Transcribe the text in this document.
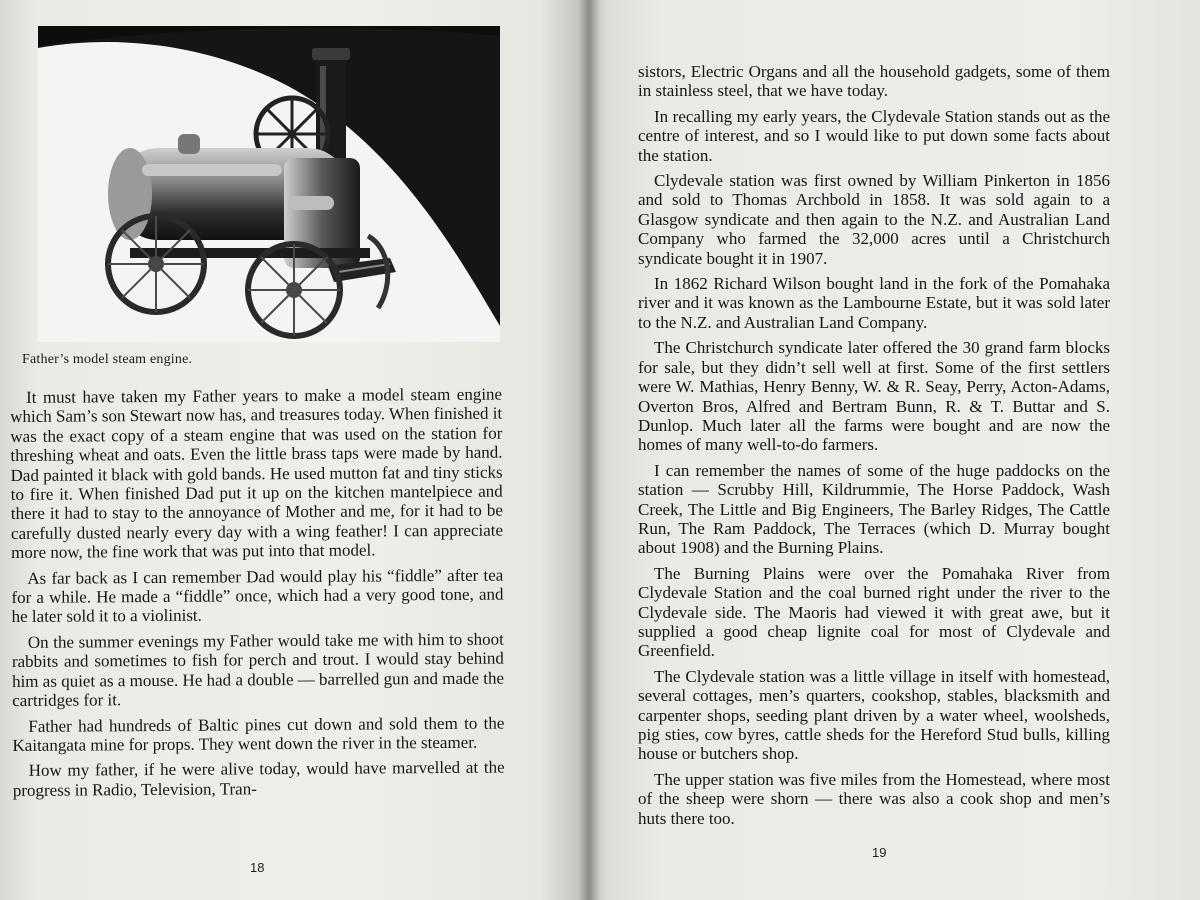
Father’s model steam engine.

It must have taken my Father years to make a model steam engine which Sam’s son Stewart now has, and treasures today. When finished it was the exact copy of a steam engine that was used on the station for threshing wheat and oats. Even the little brass taps were made by hand. Dad painted it black with gold bands. He used mutton fat and tiny sticks to fire it. When finished Dad put it up on the kitchen mantelpiece and there it had to stay to the annoyance of Mother and me, for it had to be carefully dusted nearly every day with a wing feather! I can appreciate more now, the fine work that was put into that model.

As far back as I can remember Dad would play his “fiddle” after tea for a while. He made a “fiddle” once, which had a very good tone, and he later sold it to a violinist.

On the summer evenings my Father would take me with him to shoot rabbits and sometimes to fish for perch and trout. I would stay behind him as quiet as a mouse. He had a double — barrelled gun and made the cartridges for it.

Father had hundreds of Baltic pines cut down and sold them to the Kaitangata mine for props. They went down the river in the steamer.

How my father, if he were alive today, would have marvelled at the progress in Radio, Television, Tran-

18

sistors, Electric Organs and all the household gadgets, some of them in stainless steel, that we have today.

In recalling my early years, the Clydevale Station stands out as the centre of interest, and so I would like to put down some facts about the station.

Clydevale station was first owned by William Pinkerton in 1856 and sold to Thomas Archbold in 1858. It was sold again to a Glasgow syndicate and then again to the N.Z. and Australian Land Company who farmed the 32,000 acres until a Christchurch syndicate bought it in 1907.

In 1862 Richard Wilson bought land in the fork of the Pomahaka river and it was known as the Lambourne Estate, but it was sold later to the N.Z. and Australian Land Company.

The Christchurch syndicate later offered the 30 grand farm blocks for sale, but they didn’t sell well at first. Some of the first settlers were W. Mathias, Henry Benny, W. & R. Seay, Perry, Acton-Adams, Overton Bros, Alfred and Bertram Bunn, R. & T. Buttar and S. Dunlop. Much later all the farms were bought and are now the homes of many well-to-do farmers.

I can remember the names of some of the huge paddocks on the station — Scrubby Hill, Kildrummie, The Horse Paddock, Wash Creek, The Little and Big Engineers, The Barley Ridges, The Cattle Run, The Ram Paddock, The Terraces (which D. Murray bought about 1908) and the Burning Plains.

The Burning Plains were over the Pomahaka River from Clydevale Station and the coal burned right under the river to the Clydevale side. The Maoris had viewed it with great awe, but it supplied a good cheap lignite coal for most of Clydevale and Greenfield.

The Clydevale station was a little village in itself with homestead, several cottages, men’s quarters, cookshop, stables, blacksmith and carpenter shops, seeding plant driven by a water wheel, woolsheds, pig sties, cow byres, cattle sheds for the Hereford Stud bulls, killing house or butchers shop.

The upper station was five miles from the Homestead, where most of the sheep were shorn — there was also a cook shop and men’s huts there too.

19
